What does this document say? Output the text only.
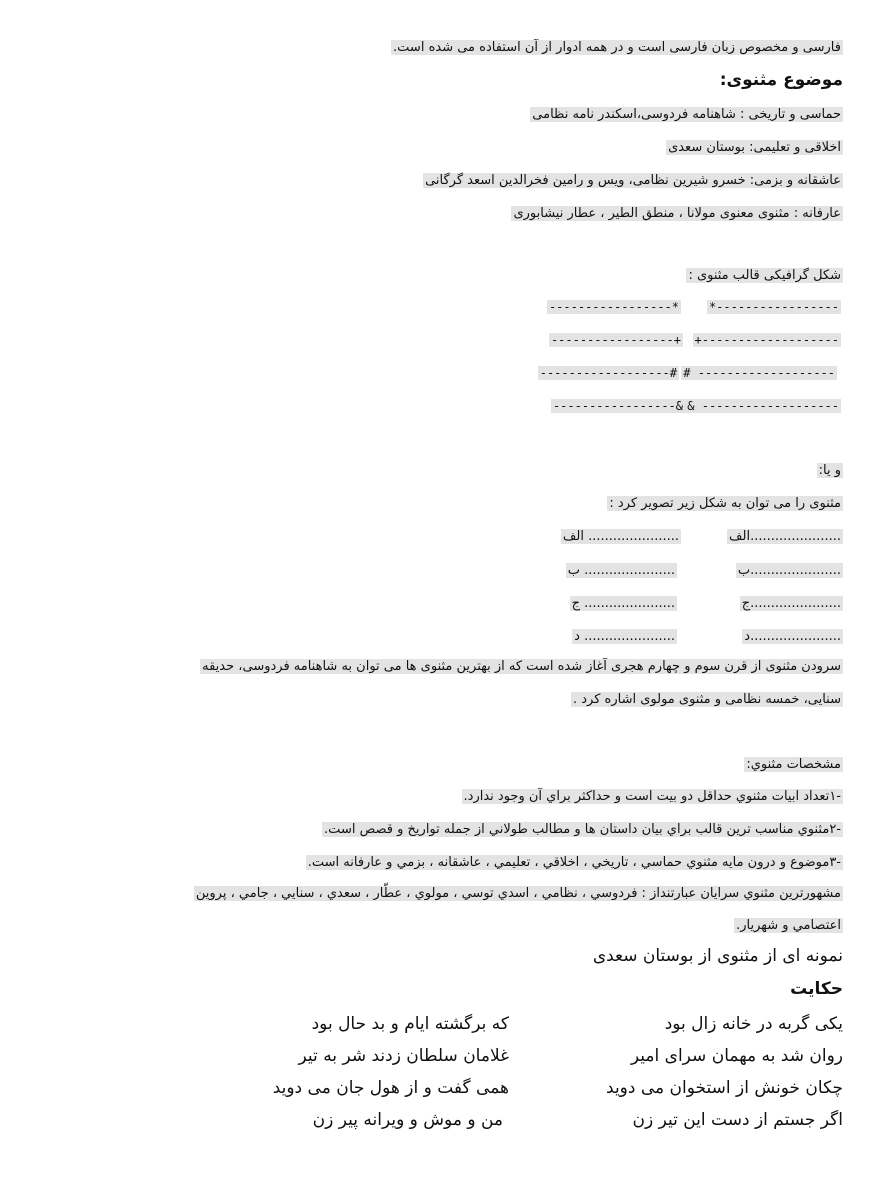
فارسی و مخصوص زبان فارسی است و در همه ادوار از آن استفاده می شده است.
موضوع مثنوی:
حماسی و تاریخی : شاهنامه فردوسی،اسکندر نامه نظامی
اخلاقی و تعلیمی: بوستان سعدی
عاشقانه و بزمی: خسرو شیرین نظامی، ویس و رامین فخرالدین اسعد گرگانی
عارفانه : مثنوی معنوی مولانا ، منطق الطیر ، عطار نیشابوری
شکل گرافیکی قالب مثنوی :
*-----------------
-----------------*
+-------------------
-----------------+
# -------------------
------------------#
& -------------------
-----------------&
و یا:
مثنوی را می توان به شکل زیر تصویر کرد :
......................الف
...................... الف
......................ب
...................... ب
......................ج
...................... ج
......................د
...................... د
سرودن مثنوی از قرن سوم و چهارم هجری آغاز شده است که از بهترین مثنوی ها می توان به شاهنامه فردوسی، حدیقه
سنایی، خمسه نظامی و مثنوی مولوی اشاره کرد .
مشخصات مثنوي:
-١تعداد ابيات مثنوي حداقل دو بيت است و حداكثر براي آن وجود ندارد.
-٢مثنوي مناسب ترين قالب براي بيان داستان ها و مطالب طولاني از جمله تواريخ و قصص است.
-٣موضوع و درون مايه مثنوي حماسي ، تاريخي ، اخلاقي ، تعليمي ، عاشقانه ، بزمي و عارفانه است.
مشهورترين مثنوي سرايان عبارتنداز : فردوسي ، نظامي ، اسدي توسي ، مولوي ، عطّار ، سعدي ، سنايي ، جامي ، پروين
اعتصامي و شهريار.
نمونه ای از مثنوی از بوستان سعدی
حکایت
یکی گربه در خانه زال بود
که برگشته ایام و بد حال بود
روان شد به مهمان سرای امیر
غلامان سلطان زدند شر به تیر
چکان خونش از استخوان می دوید
همی گفت و از هول جان می دوید
اگر جستم از دست این تیر زن
من و موش و ویرانه پیر زن
